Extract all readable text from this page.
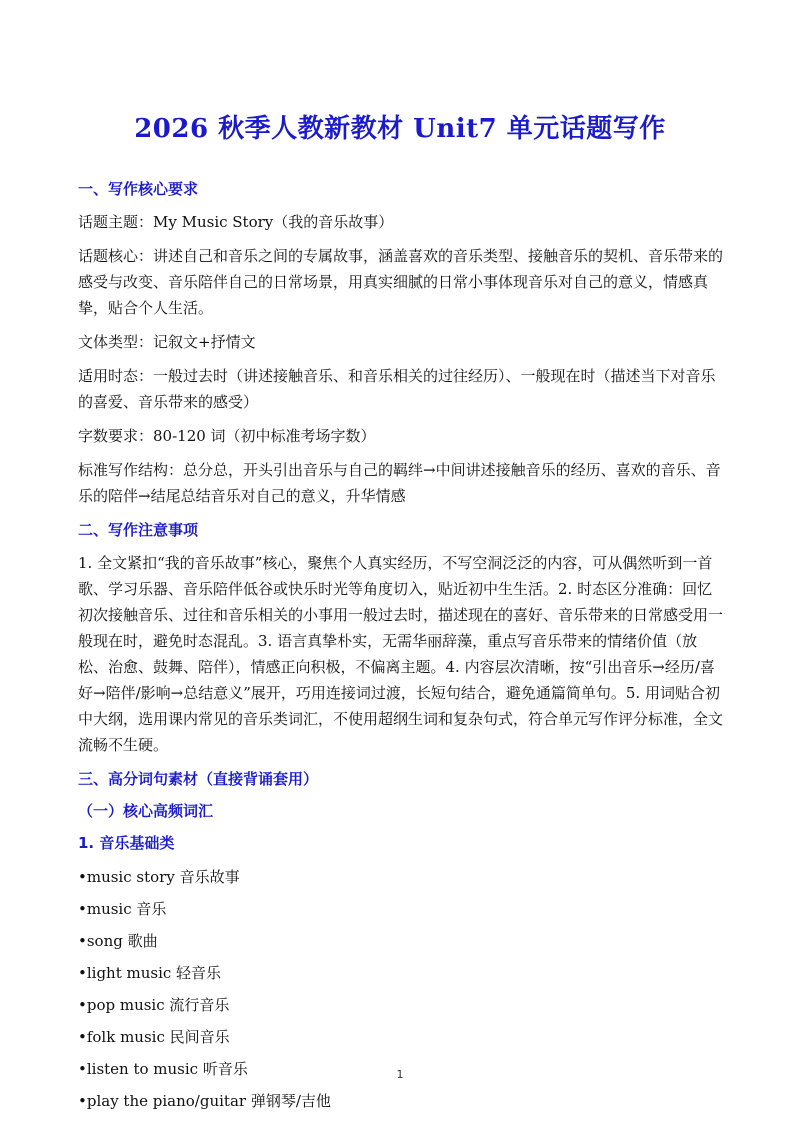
2026 秋季人教新教材 Unit7 单元话题写作

一、写作核心要求

话题主题：My Music Story（我的音乐故事）

话题核心：讲述自己和音乐之间的专属故事，涵盖喜欢的音乐类型、接触音乐的契机、音乐带来的感受与改变、音乐陪伴自己的日常场景，用真实细腻的日常小事体现音乐对自己的意义，情感真挚，贴合个人生活。

文体类型：记叙文+抒情文

适用时态：一般过去时（讲述接触音乐、和音乐相关的过往经历）、一般现在时（描述当下对音乐的喜爱、音乐带来的感受）

字数要求：80-120 词（初中标准考场字数）

标准写作结构：总分总，开头引出音乐与自己的羁绊→中间讲述接触音乐的经历、喜欢的音乐、音乐的陪伴→结尾总结音乐对自己的意义，升华情感

二、写作注意事项

1. 全文紧扣“我的音乐故事”核心，聚焦个人真实经历，不写空洞泛泛的内容，可从偶然听到一首歌、学习乐器、音乐陪伴低谷或快乐时光等角度切入，贴近初中生生活。2. 时态区分准确：回忆初次接触音乐、过往和音乐相关的小事用一般过去时，描述现在的喜好、音乐带来的日常感受用一般现在时，避免时态混乱。3. 语言真挚朴实，无需华丽辞藻，重点写音乐带来的情绪价值（放松、治愈、鼓舞、陪伴），情感正向积极，不偏离主题。4. 内容层次清晰，按“引出音乐→经历/喜好→陪伴/影响→总结意义”展开，巧用连接词过渡，长短句结合，避免通篇简单句。5. 用词贴合初中大纲，选用课内常见的音乐类词汇，不使用超纲生词和复杂句式，符合单元写作评分标准，全文流畅不生硬。

三、高分词句素材（直接背诵套用）

（一）核心高频词汇

1. 音乐基础类

•music story 音乐故事

•music 音乐

•song 歌曲

•light music 轻音乐

•pop music 流行音乐

•folk music 民间音乐

•listen to music 听音乐

•play the piano/guitar 弹钢琴/吉他

1
